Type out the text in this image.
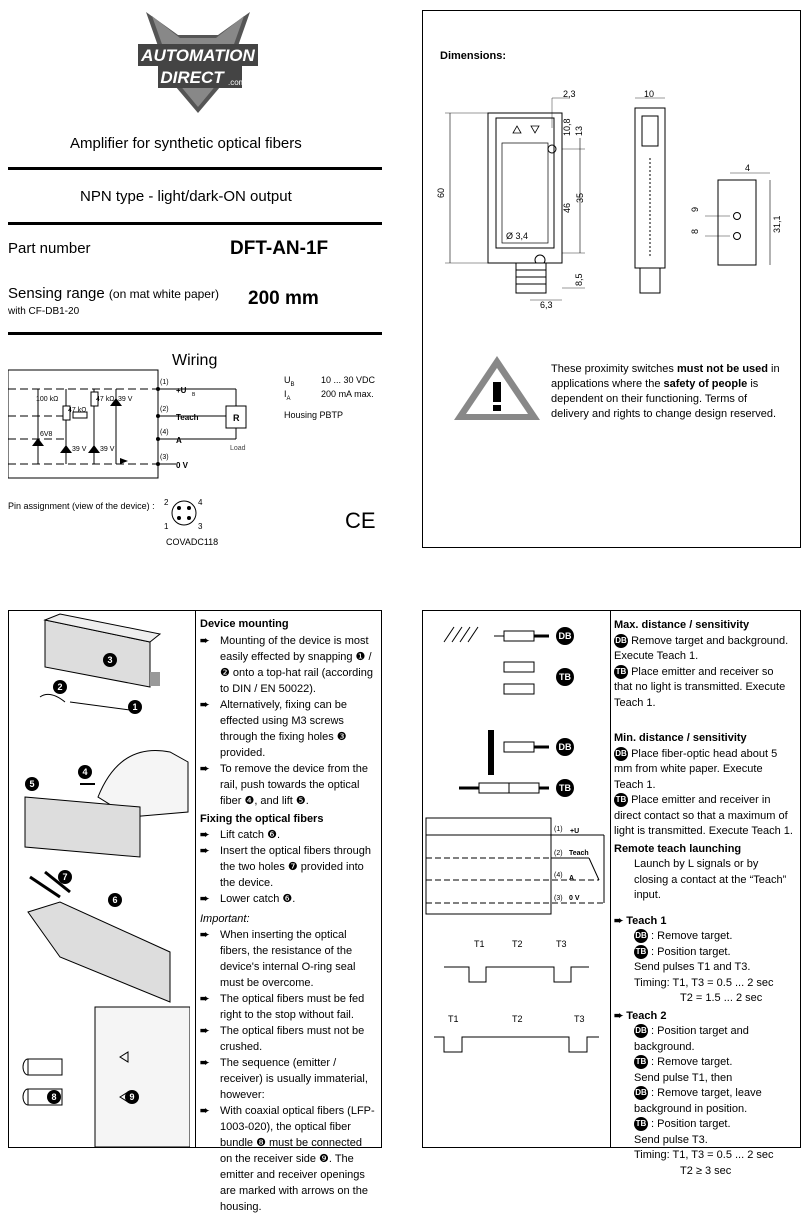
AUTOMATION
DIRECT .com
Amplifier for synthetic optical fibers
NPN type - light/dark-ON output
Part number	DFT-AN-1F
Sensing range (on mat white paper)
with CF-DB1-20
200 mm
Wiring
100 kΩ
47 kΩ
47 kΩ 39 V
39 V 39 V
6V8
(1)
(2)
(4)
(3)
+U B
Teach
A
0 V
R
Load
$U_B$	10 ... 30 VDC
$I_A$	200 mA max.
Housing PBTP
Pin assignment (view of the device) : 2	4
1	3
COVADC118
CE
Dimensions:
60
46
35
10,8 13
8,5
2,3
Ø 3,4
6,3
10
4
9
8	31,1
These proximity switches must not be used in applications where the safety of people is dependent on their functioning. Terms of delivery and rights to change design reserved.
3
2
1
4
5
7
6
8	9
Device mounting
➨ Mounting of the device is most easily effected by snapping ❶ / ❷ onto a top-hat rail (according to DIN / EN 50022).
➨ Alternatively, fixing can be effected using M3 screws through the fixing holes ❸ provided.
➨ To remove the device from the rail, push towards the optical fiber ❹, and lift ❺.
Fixing the optical fibers
➨ Lift catch ❻.
➨ Insert the optical fibers through the two holes ❼ provided into the device.
➨ Lower catch ❻.
Important:
➨ When inserting the optical fibers, the resistance of the device's internal O-ring seal must be overcome.
➨ The optical fibers must be fed right to the stop without fail.
➨ The optical fibers must not be crushed.
➨ The sequence (emitter / receiver) is usually immaterial, however:
➨ With coaxial optical fibers (LFP-1003-020), the optical fiber bundle ❽ must be connected on the receiver side ❾. The emitter and receiver openings are marked with arrows on the housing.
DB
TB
DB
TB
(1) +U
(2) Teach
(4) A
(3) 0 V
T1	T2	T3
T1	T2	T3
Max. distance / sensitivity
DB Remove target and background. Execute Teach 1.
TB Place emitter and receiver so that no light is transmitted. Execute Teach 1.
Min. distance / sensitivity
DB Place fiber-optic head about 5 mm from white paper. Execute Teach 1.
TB Place emitter and receiver in direct contact so that a maximum of light is transmitted. Execute Teach 1.
Remote teach launching
Launch by L signals or by closing a contact at the “Teach” input.
➨ Teach 1
DB : Remove target.
TB : Position target.
Send pulses T1 and T3.
Timing: T1, T3 = 0.5 ... 2 sec
T2 = 1.5 ... 2 sec
➨ Teach 2
DB : Position target and background.
TB : Remove target.
Send pulse T1, then
DB : Remove target, leave background in position.
TB : Position target.
Send pulse T3.
Timing: T1, T3 = 0.5 ... 2 sec
T2 ≥ 3 sec
